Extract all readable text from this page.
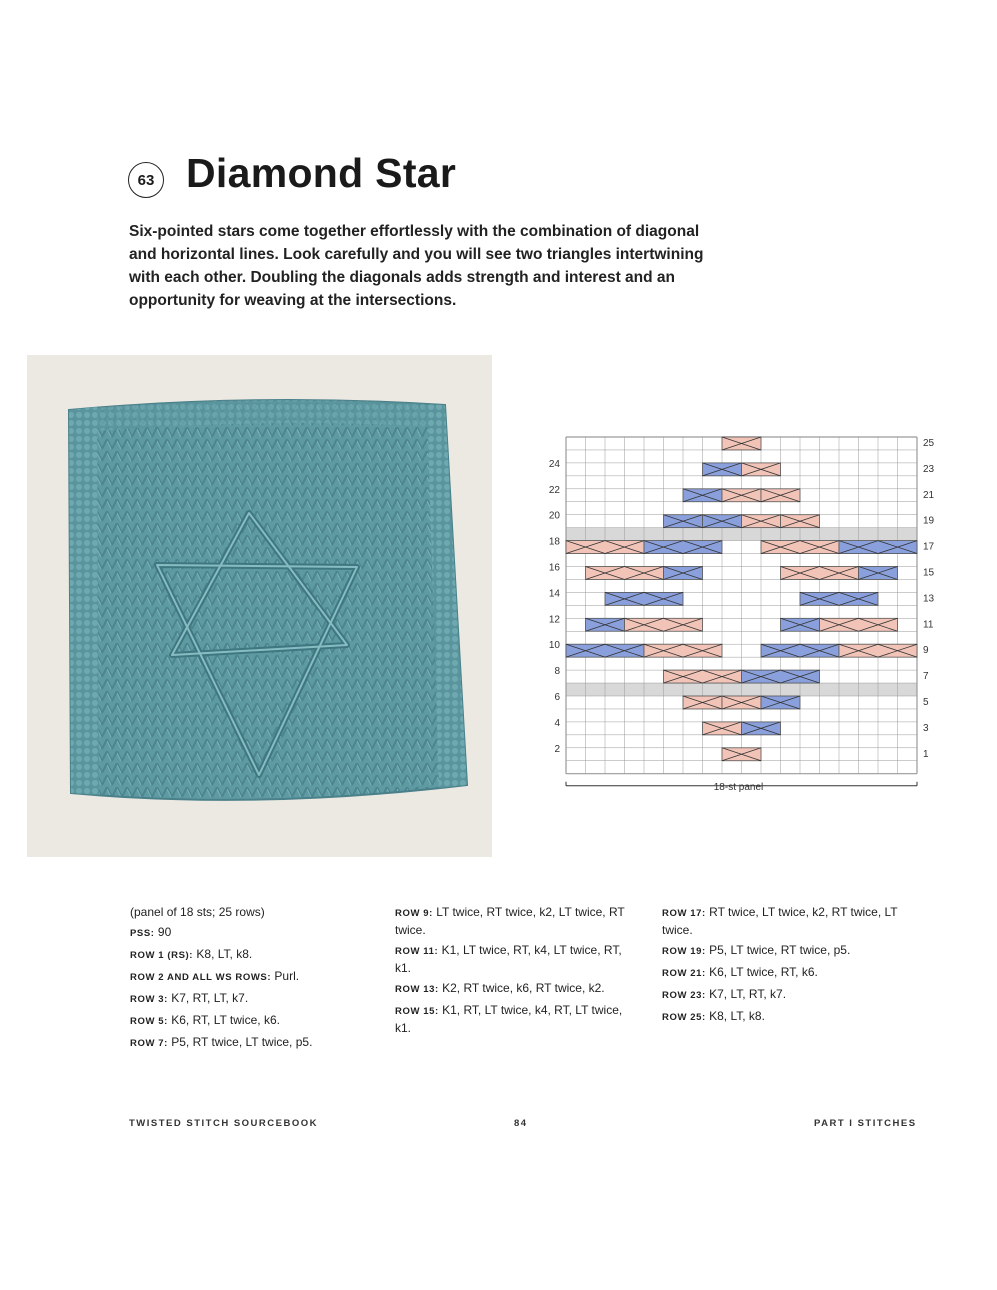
63 Diamond Star

Six-pointed stars come together effortlessly with the combination of diagonal and horizontal lines. Look carefully and you will see two triangles intertwining with each other. Doubling the diagonals adds strength and interest and an opportunity for weaving at the intersections.

24
22
20
18
16
14
12
10
8
6
4
2
25
23
21
19
17
15
13
11
9
7
5
3
1
18-st panel

(panel of 18 sts; 25 rows)

PSS: 90

ROW 1 (RS): K8, LT, k8.

ROW 2 AND ALL WS ROWS: Purl.

ROW 3: K7, RT, LT, k7.

ROW 5: K6, RT, LT twice, k6.

ROW 7: P5, RT twice, LT twice, p5.

ROW 9: LT twice, RT twice, k2, LT twice, RT twice.

ROW 11: K1, LT twice, RT, k4, LT twice, RT, k1.

ROW 13: K2, RT twice, k6, RT twice, k2.

ROW 15: K1, RT, LT twice, k4, RT, LT twice, k1.

ROW 17: RT twice, LT twice, k2, RT twice, LT twice.

ROW 19: P5, LT twice, RT twice, p5.

ROW 21: K6, LT twice, RT, k6.

ROW 23: K7, LT, RT, k7.

ROW 25: K8, LT, k8.

TWISTED STITCH SOURCEBOOK	84	PART I STITCHES
